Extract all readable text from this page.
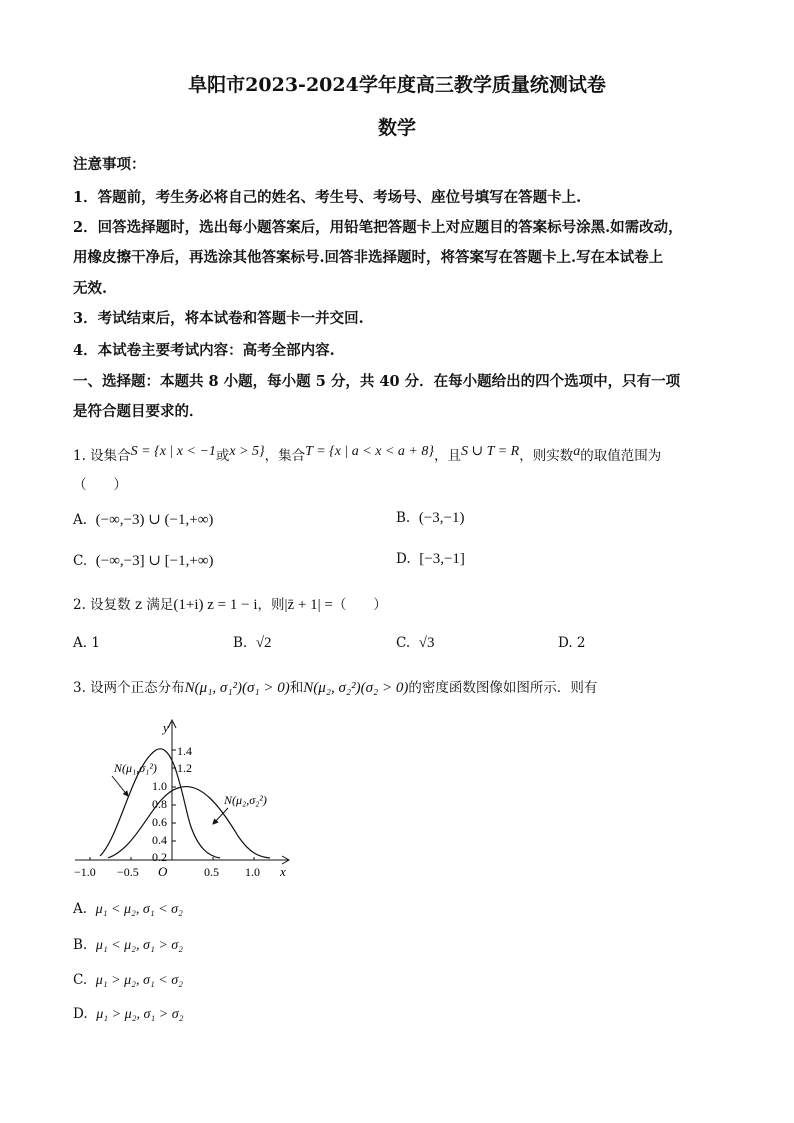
阜阳市2023-2024学年度高三教学质量统测试卷
数学
注意事项：
1．答题前，考生务必将自己的姓名、考生号、考场号、座位号填写在答题卡上.
2．回答选择题时，选出每小题答案后，用铅笔把答题卡上对应题目的答案标号涂黑.如需改动，
用橡皮擦干净后，再选涂其他答案标号.回答非选择题时，将答案写在答题卡上.写在本试卷上
无效.
3．考试结束后，将本试卷和答题卡一并交回.
4．本试卷主要考试内容：高考全部内容.
一、选择题：本题共 8 小题，每小题 5 分，共 40 分．在每小题给出的四个选项中，只有一项
是符合题目要求的．
1. 设集合S = {x | x < −1或x > 5}，集合T = {x | a < x < a + 8}，且S ∪ T = R，则实数a的取值范围为
（　　）
A. (−∞,−3) ∪ (−1,+∞)	B. (−3,−1)
C. (−∞,−3] ∪ [−1,+∞)	D. [−3,−1]
2. 设复数 z 满足(1+i) z = 1 − i，则|z̄ + 1| =（　　）
A. 1	B. √2	C. √3	D. 2
3. 设两个正态分布N(μ₁, σ₁²)(σ₁ > 0)和N(μ₂, σ₂²)(σ₂ > 0)的密度函数图像如图所示．则有
y
x
O
−1.0 −0.5	0.5 1.0
1.4
1.2
1.0
0.8
0.6
0.4
0.2
N(μ₁,σ₁²)
N(μ₂,σ₂²)
A. μ₁ < μ₂, σ₁ < σ₂
B. μ₁ < μ₂, σ₁ > σ₂
C. μ₁ > μ₂, σ₁ < σ₂
D. μ₁ > μ₂, σ₁ > σ₂
